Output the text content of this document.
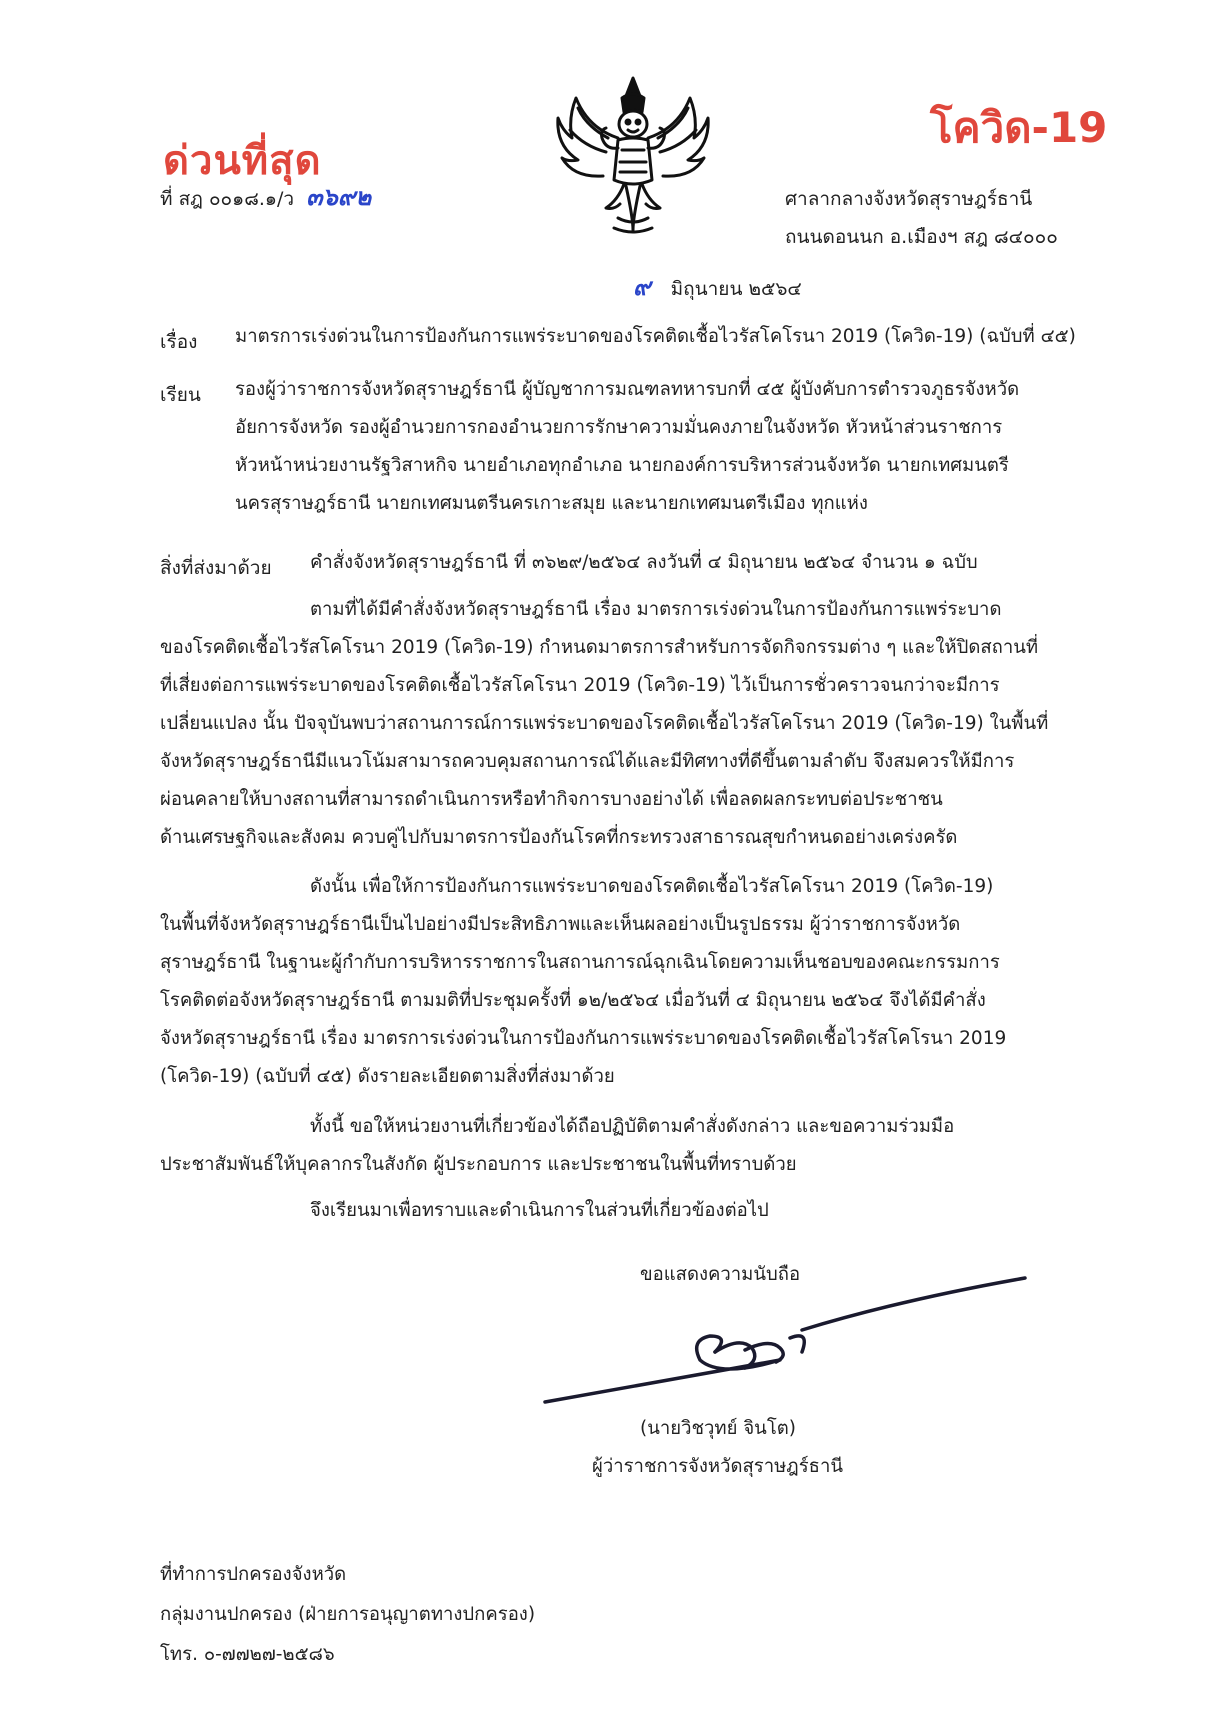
ด่วนที่สุด
โควิด-19
ที่ สฎ ๐๐๑๘.๑/ว ๓๖๙๒	ศาลากลางจังหวัดสุราษฎร์ธานี
ถนนดอนนก อ.เมืองฯ สฎ ๘๔๐๐๐
๙ มิถุนายน ๒๕๖๔
เรื่อง มาตรการเร่งด่วนในการป้องกันการแพร่ระบาดของโรคติดเชื้อไวรัสโคโรนา 2019 (โควิด-19) (ฉบับที่ ๔๕)
เรียน รองผู้ว่าราชการจังหวัดสุราษฎร์ธานี ผู้บัญชาการมณฑลทหารบกที่ ๔๕ ผู้บังคับการตำรวจภูธรจังหวัด
อัยการจังหวัด รองผู้อำนวยการกองอำนวยการรักษาความมั่นคงภายในจังหวัด หัวหน้าส่วนราชการ
หัวหน้าหน่วยงานรัฐวิสาหกิจ นายอำเภอทุกอำเภอ นายกองค์การบริหารส่วนจังหวัด นายกเทศมนตรี
นครสุราษฎร์ธานี นายกเทศมนตรีนครเกาะสมุย และนายกเทศมนตรีเมือง ทุกแห่ง
สิ่งที่ส่งมาด้วย คำสั่งจังหวัดสุราษฎร์ธานี ที่ ๓๖๒๙/๒๕๖๔ ลงวันที่ ๔ มิถุนายน ๒๕๖๔ จำนวน ๑ ฉบับ
ตามที่ได้มีคำสั่งจังหวัดสุราษฎร์ธานี เรื่อง มาตรการเร่งด่วนในการป้องกันการแพร่ระบาด
ของโรคติดเชื้อไวรัสโคโรนา 2019 (โควิด-19) กำหนดมาตรการสำหรับการจัดกิจกรรมต่าง ๆ และให้ปิดสถานที่
ที่เสี่ยงต่อการแพร่ระบาดของโรคติดเชื้อไวรัสโคโรนา 2019 (โควิด-19) ไว้เป็นการชั่วคราวจนกว่าจะมีการ
เปลี่ยนแปลง นั้น ปัจจุบันพบว่าสถานการณ์การแพร่ระบาดของโรคติดเชื้อไวรัสโคโรนา 2019 (โควิด-19) ในพื้นที่
จังหวัดสุราษฎร์ธานีมีแนวโน้มสามารถควบคุมสถานการณ์ได้และมีทิศทางที่ดีขึ้นตามลำดับ จึงสมควรให้มีการ
ผ่อนคลายให้บางสถานที่สามารถดำเนินการหรือทำกิจการบางอย่างได้ เพื่อลดผลกระทบต่อประชาชน
ด้านเศรษฐกิจและสังคม ควบคู่ไปกับมาตรการป้องกันโรคที่กระทรวงสาธารณสุขกำหนดอย่างเคร่งครัด
ดังนั้น เพื่อให้การป้องกันการแพร่ระบาดของโรคติดเชื้อไวรัสโคโรนา 2019 (โควิด-19)
ในพื้นที่จังหวัดสุราษฎร์ธานีเป็นไปอย่างมีประสิทธิภาพและเห็นผลอย่างเป็นรูปธรรม ผู้ว่าราชการจังหวัด
สุราษฎร์ธานี ในฐานะผู้กำกับการบริหารราชการในสถานการณ์ฉุกเฉินโดยความเห็นชอบของคณะกรรมการ
โรคติดต่อจังหวัดสุราษฎร์ธานี ตามมติที่ประชุมครั้งที่ ๑๒/๒๕๖๔ เมื่อวันที่ ๔ มิถุนายน ๒๕๖๔ จึงได้มีคำสั่ง
จังหวัดสุราษฎร์ธานี เรื่อง มาตรการเร่งด่วนในการป้องกันการแพร่ระบาดของโรคติดเชื้อไวรัสโคโรนา 2019
(โควิด-19) (ฉบับที่ ๔๕) ดังรายละเอียดตามสิ่งที่ส่งมาด้วย
ทั้งนี้ ขอให้หน่วยงานที่เกี่ยวข้องได้ถือปฏิบัติตามคำสั่งดังกล่าว และขอความร่วมมือ
ประชาสัมพันธ์ให้บุคลากรในสังกัด ผู้ประกอบการ และประชาชนในพื้นที่ทราบด้วย
จึงเรียนมาเพื่อทราบและดำเนินการในส่วนที่เกี่ยวข้องต่อไป
ขอแสดงความนับถือ
(นายวิชวุทย์ จินโต)
ผู้ว่าราชการจังหวัดสุราษฎร์ธานี
ที่ทำการปกครองจังหวัด
กลุ่มงานปกครอง (ฝ่ายการอนุญาตทางปกครอง)
โทร. ๐-๗๗๒๗-๒๕๘๖
